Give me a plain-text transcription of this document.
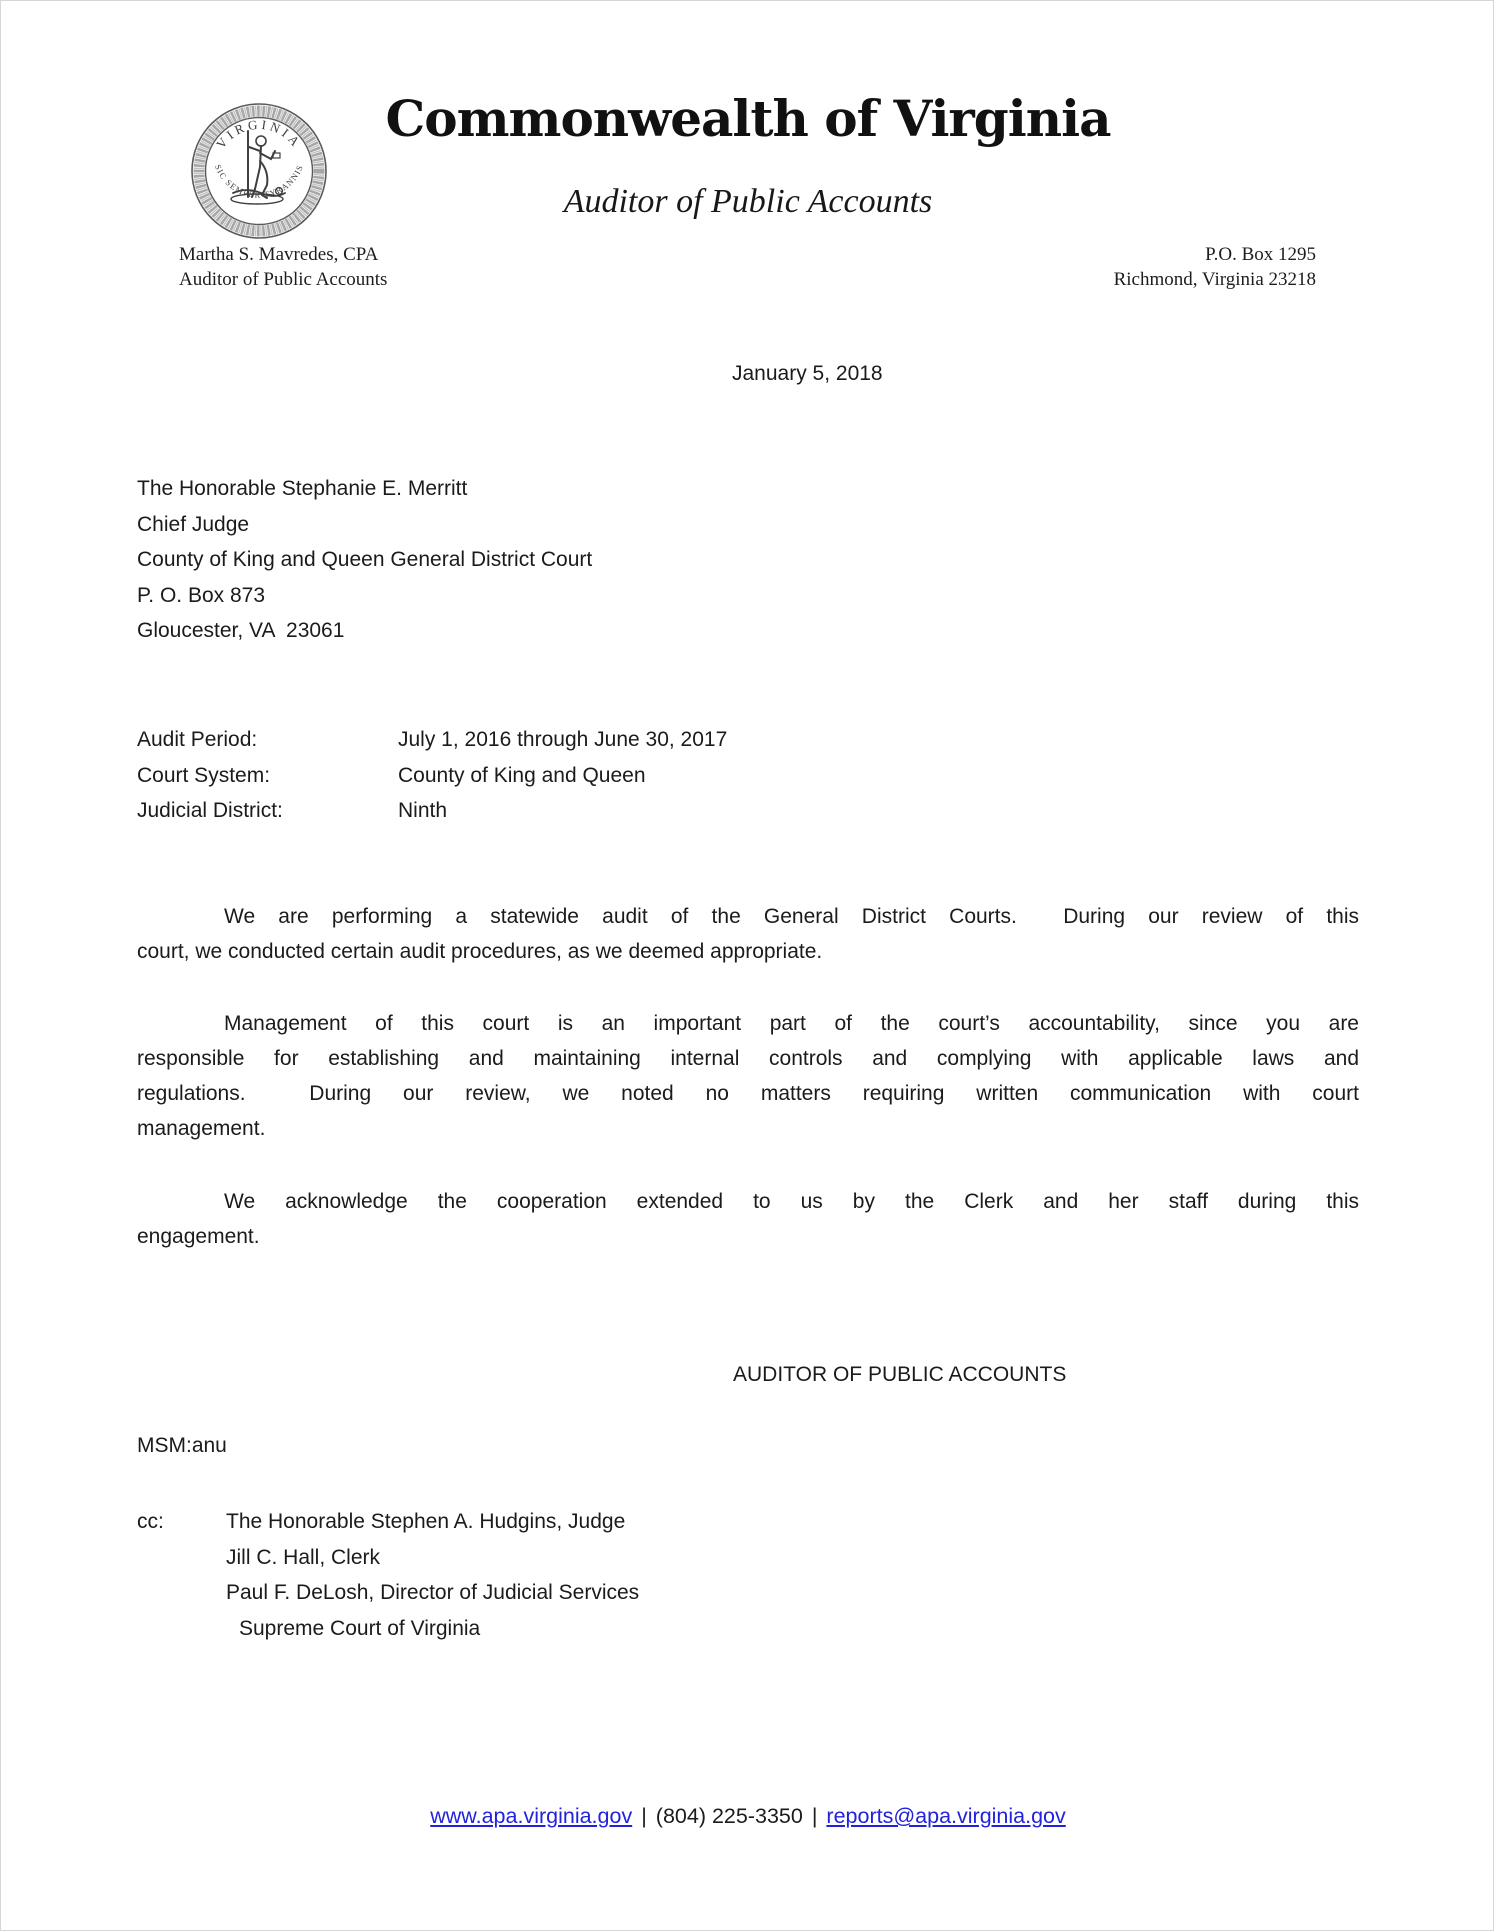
VIRGINIA
SIC SEMPER TYRANNIS
Commonwealth of Virginia
Auditor of Public Accounts
Martha S. Mavredes, CPA
Auditor of Public Accounts
P.O. Box 1295
Richmond, Virginia 23218
January 5, 2018
The Honorable Stephanie E. Merritt
Chief Judge
County of King and Queen General District Court
P. O. Box 873
Gloucester, VA  23061
Audit Period:	July 1, 2016 through June 30, 2017
Court System:	County of King and Queen
Judicial District:	Ninth
We are performing a statewide audit of the General District Courts.  During our review of this
court, we conducted certain audit procedures, as we deemed appropriate.
Management of this court is an important part of the court’s accountability, since you are
responsible for establishing and maintaining internal controls and complying with applicable laws and
regulations.  During our review, we noted no matters requiring written communication with court
management.
We acknowledge the cooperation extended to us by the Clerk and her staff during this
engagement.
AUDITOR OF PUBLIC ACCOUNTS
MSM:anu
cc:	The Honorable Stephen A. Hudgins, Judge
Jill C. Hall, Clerk
Paul F. DeLosh, Director of Judicial Services
Supreme Court of Virginia
www.apa.virginia.gov | (804) 225-3350 | reports@apa.virginia.gov
